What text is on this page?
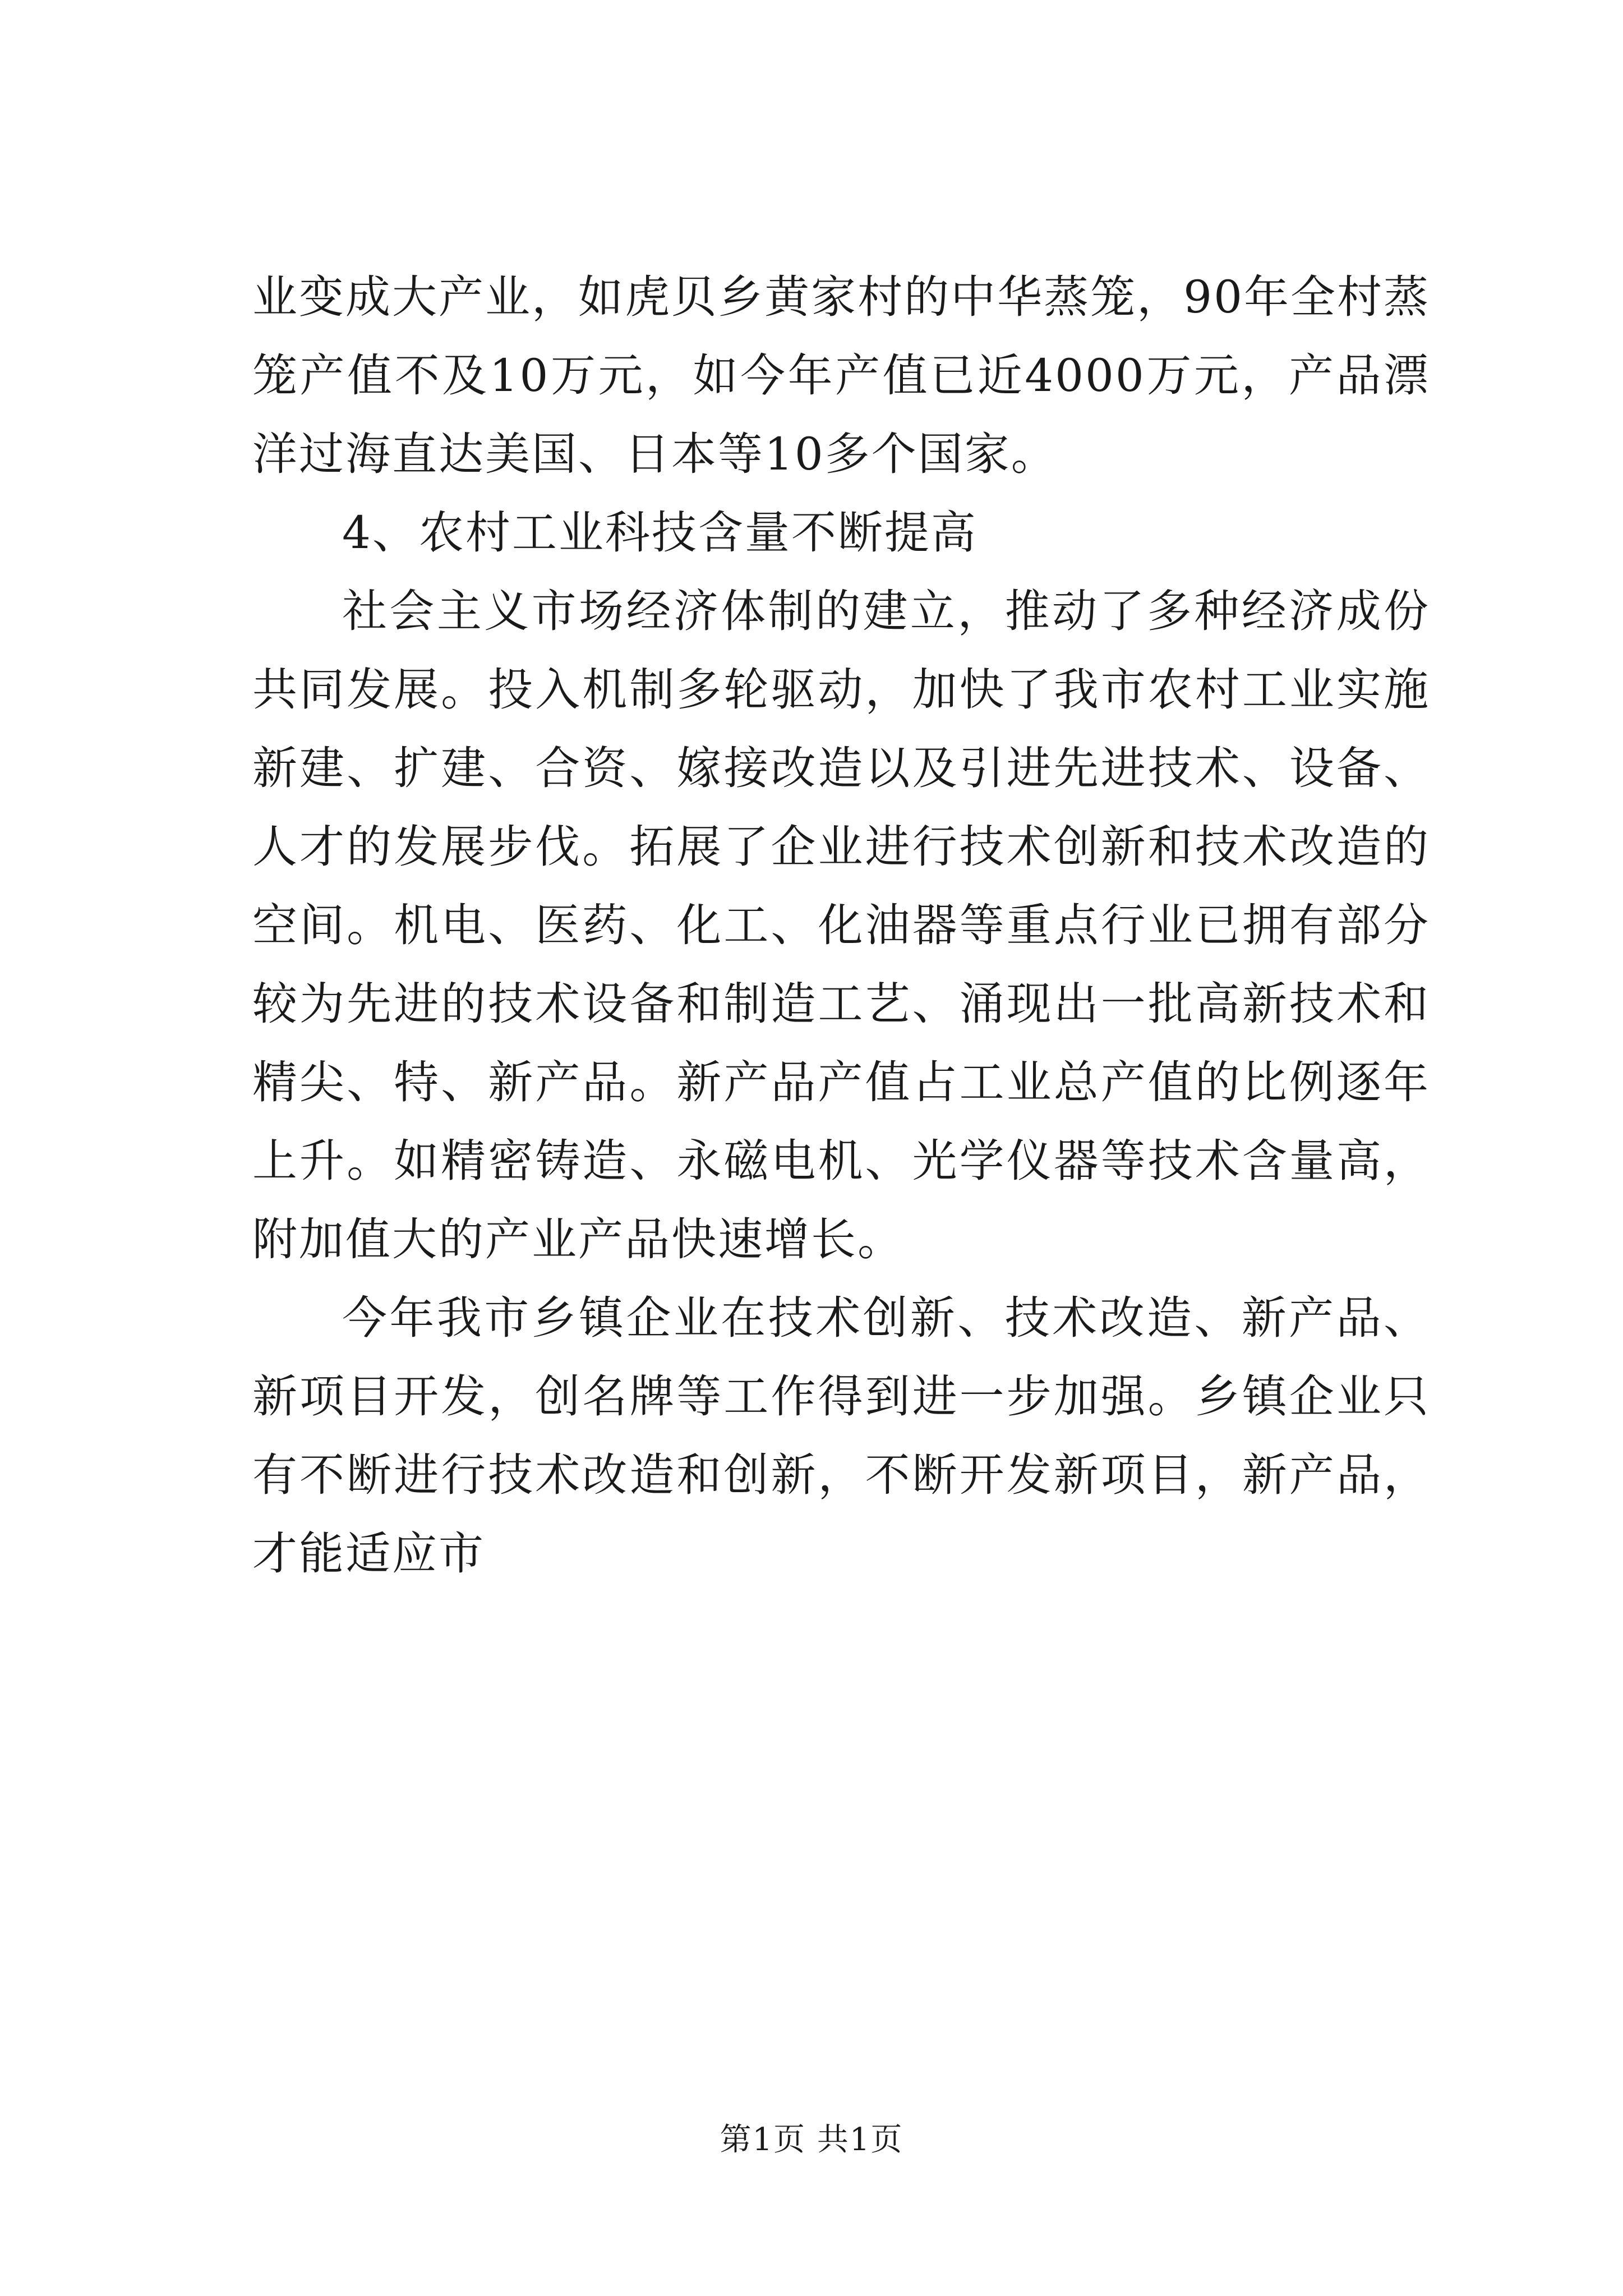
业变成大产业，如虎贝乡黄家村的中华蒸笼，90年全村蒸笼产值不及10万元，如今年产值已近4000万元，产品漂洋过海直达美国、日本等10多个国家。

4、农村工业科技含量不断提高

社会主义市场经济体制的建立，推动了多种经济成份共同发展。投入机制多轮驱动，加快了我市农村工业实施新建、扩建、合资、嫁接改造以及引进先进技术、设备、人才的发展步伐。拓展了企业进行技术创新和技术改造的空间。机电、医药、化工、化油器等重点行业已拥有部分较为先进的技术设备和制造工艺、涌现出一批高新技术和精尖、特、新产品。新产品产值占工业总产值的比例逐年上升。如精密铸造、永磁电机、光学仪器等技术含量高，附加值大的产业产品快速增长。

今年我市乡镇企业在技术创新、技术改造、新产品、新项目开发，创名牌等工作得到进一步加强。乡镇企业只有不断进行技术改造和创新，不断开发新项目，新产品，才能适应市

第1页 共1页
